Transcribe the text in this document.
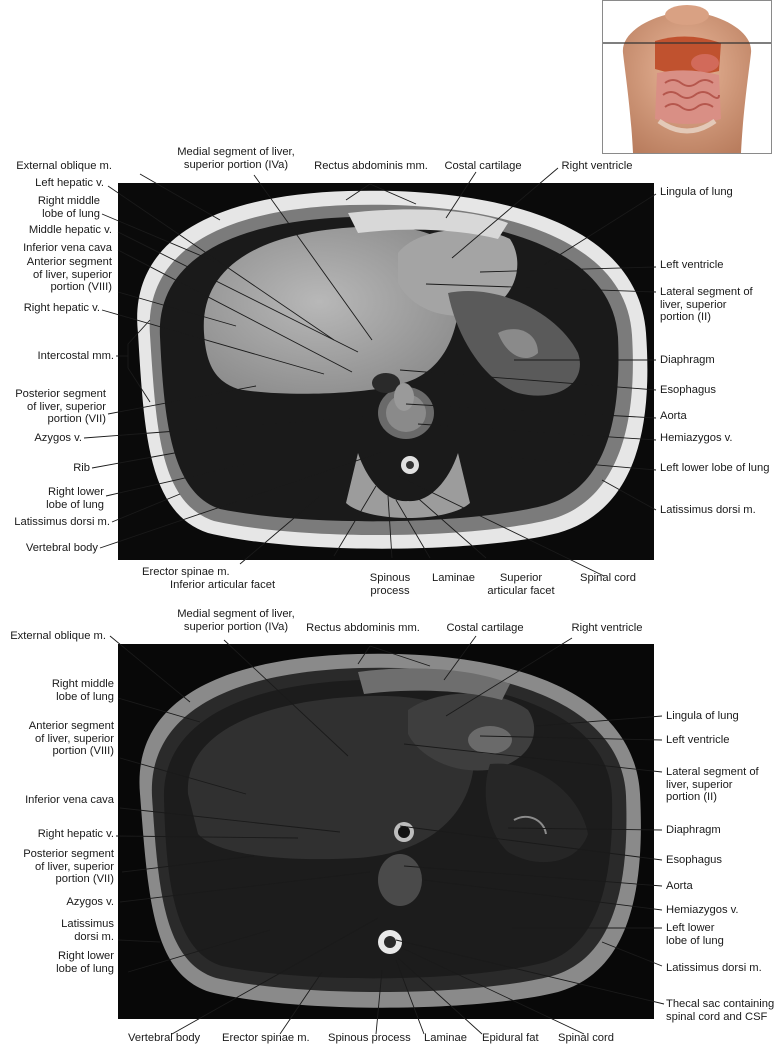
External oblique m.
Left hepatic v.
Right middle
lobe of lung
Middle hepatic v.
Inferior vena cava
Anterior segment
of liver, superior
portion (VIII)
Right hepatic v.
Intercostal mm.
Posterior segment
of liver, superior
portion (VII)
Azygos v.
Rib
Right lower
lobe of lung
Latissimus dorsi m.
Vertebral body
Medial segment of liver,
superior portion (IVa)	Rectus abdominis mm.	Costal cartilage	Right ventricle
Lingula of lung
Left ventricle
Lateral segment of
liver, superior
portion (II)
Diaphragm
Esophagus
Aorta
Hemiazygos v.
Left lower lobe of lung
Latissimus dorsi m.
Erector spinae m.
Inferior articular facet
Spinous
process
Laminae	Superior
articular facet
Spinal cord
External oblique m.
Right middle
lobe of lung
Anterior segment
of liver, superior
portion (VIII)
Inferior vena cava
Right hepatic v.
Posterior segment
of liver, superior
portion (VII)
Azygos v.
Latissimus
dorsi m.
Right lower
lobe of lung
Medial segment of liver,
superior portion (IVa)	Rectus abdominis mm.	Costal cartilage	Right ventricle
Lingula of lung
Left ventricle
Lateral segment of
liver, superior
portion (II)
Diaphragm
Esophagus
Aorta
Hemiazygos v.
Left lower
lobe of lung
Latissimus dorsi m.
Thecal sac containing
spinal cord and CSF
Vertebral body Erector spinae m. Spinous process Laminae Epidural fat Spinal cord
